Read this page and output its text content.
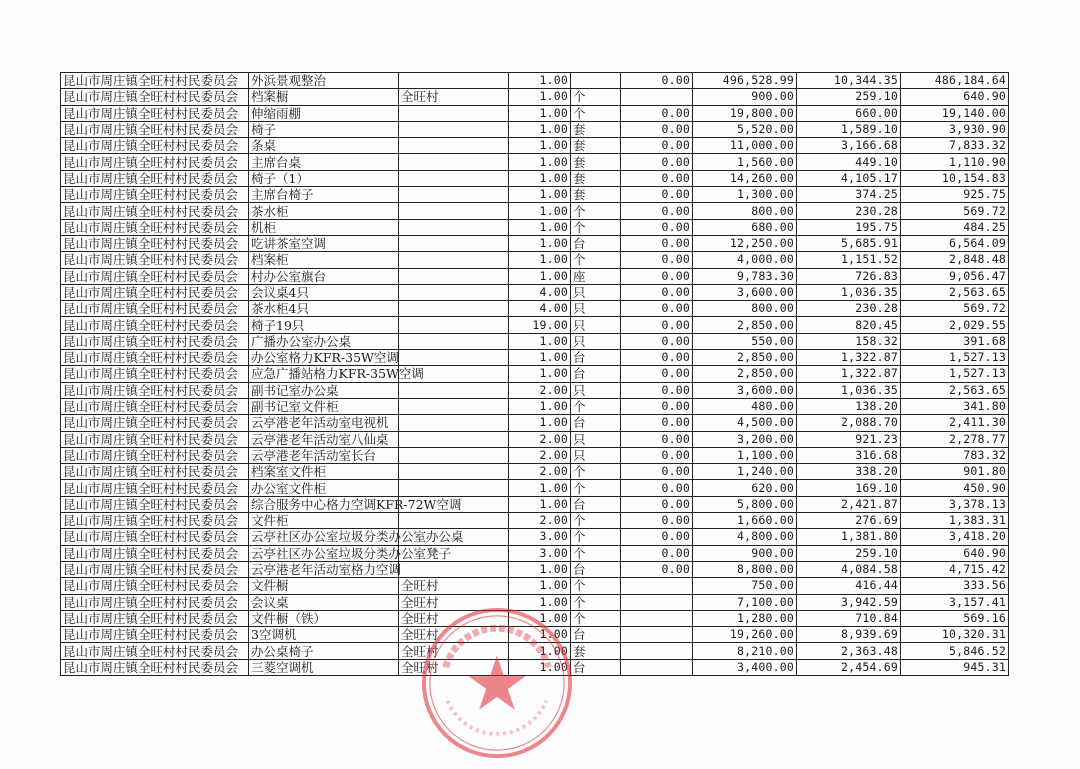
昆山市周庄镇全旺村村民委员会	外浜景观整治		1.00		0.00	496,528.99	10,344.35	486,184.64
昆山市周庄镇全旺村村民委员会	档案橱	全旺村	1.00	个		900.00	259.10	640.90
昆山市周庄镇全旺村村民委员会	伸缩雨棚		1.00	个	0.00	19,800.00	660.00	19,140.00
昆山市周庄镇全旺村村民委员会	椅子		1.00	套	0.00	5,520.00	1,589.10	3,930.90
昆山市周庄镇全旺村村民委员会	条桌		1.00	套	0.00	11,000.00	3,166.68	7,833.32
昆山市周庄镇全旺村村民委员会	主席台桌		1.00	套	0.00	1,560.00	449.10	1,110.90
昆山市周庄镇全旺村村民委员会	椅子（1）		1.00	套	0.00	14,260.00	4,105.17	10,154.83
昆山市周庄镇全旺村村民委员会	主席台椅子		1.00	套	0.00	1,300.00	374.25	925.75
昆山市周庄镇全旺村村民委员会	茶水柜		1.00	个	0.00	800.00	230.28	569.72
昆山市周庄镇全旺村村民委员会	机柜		1.00	个	0.00	680.00	195.75	484.25
昆山市周庄镇全旺村村民委员会	吃讲茶室空调		1.00	台	0.00	12,250.00	5,685.91	6,564.09
昆山市周庄镇全旺村村民委员会	档案柜		1.00	个	0.00	4,000.00	1,151.52	2,848.48
昆山市周庄镇全旺村村民委员会	村办公室旗台		1.00	座	0.00	9,783.30	726.83	9,056.47
昆山市周庄镇全旺村村民委员会	会议桌4只		4.00	只	0.00	3,600.00	1,036.35	2,563.65
昆山市周庄镇全旺村村民委员会	茶水柜4只		4.00	只	0.00	800.00	230.28	569.72
昆山市周庄镇全旺村村民委员会	椅子19只		19.00	只	0.00	2,850.00	820.45	2,029.55
昆山市周庄镇全旺村村民委员会	广播办公室办公桌		1.00	只	0.00	550.00	158.32	391.68
昆山市周庄镇全旺村村民委员会	办公室格力KFR-35W空调		1.00	台	0.00	2,850.00	1,322.87	1,527.13
昆山市周庄镇全旺村村民委员会	应急广播站格力KFR-35W空调		1.00	台	0.00	2,850.00	1,322.87	1,527.13
昆山市周庄镇全旺村村民委员会	副书记室办公桌		2.00	只	0.00	3,600.00	1,036.35	2,563.65
昆山市周庄镇全旺村村民委员会	副书记室文件柜		1.00	个	0.00	480.00	138.20	341.80
昆山市周庄镇全旺村村民委员会	云亭港老年活动室电视机		1.00	台	0.00	4,500.00	2,088.70	2,411.30
昆山市周庄镇全旺村村民委员会	云亭港老年活动室八仙桌		2.00	只	0.00	3,200.00	921.23	2,278.77
昆山市周庄镇全旺村村民委员会	云亭港老年活动室长台		2.00	只	0.00	1,100.00	316.68	783.32
昆山市周庄镇全旺村村民委员会	档案室文件柜		2.00	个	0.00	1,240.00	338.20	901.80
昆山市周庄镇全旺村村民委员会	办公室文件柜		1.00	个	0.00	620.00	169.10	450.90
昆山市周庄镇全旺村村民委员会	综合服务中心格力空调KFR-72W空调		1.00	台	0.00	5,800.00	2,421.87	3,378.13
昆山市周庄镇全旺村村民委员会	文件柜		2.00	个	0.00	1,660.00	276.69	1,383.31
昆山市周庄镇全旺村村民委员会	云亭社区办公室垃圾分类办公室办公桌		3.00	个	0.00	4,800.00	1,381.80	3,418.20
昆山市周庄镇全旺村村民委员会	云亭社区办公室垃圾分类办公室凳子		3.00	个	0.00	900.00	259.10	640.90
昆山市周庄镇全旺村村民委员会	云亭港老年活动室格力空调		1.00	台	0.00	8,800.00	4,084.58	4,715.42
昆山市周庄镇全旺村村民委员会	文件橱	全旺村	1.00	个		750.00	416.44	333.56
昆山市周庄镇全旺村村民委员会	会议桌	全旺村	1.00	个		7,100.00	3,942.59	3,157.41
昆山市周庄镇全旺村村民委员会	文件橱（铁）	全旺村	1.00	个		1,280.00	710.84	569.16
昆山市周庄镇全旺村村民委员会	3空调机	全旺村	1.00	台		19,260.00	8,939.69	10,320.31
昆山市周庄镇全旺村村民委员会	办公桌椅子	全旺村	1.00	套		8,210.00	2,363.48	5,846.52
昆山市周庄镇全旺村村民委员会	三菱空调机	全旺村	1.00	台		3,400.00	2,454.69	945.31
